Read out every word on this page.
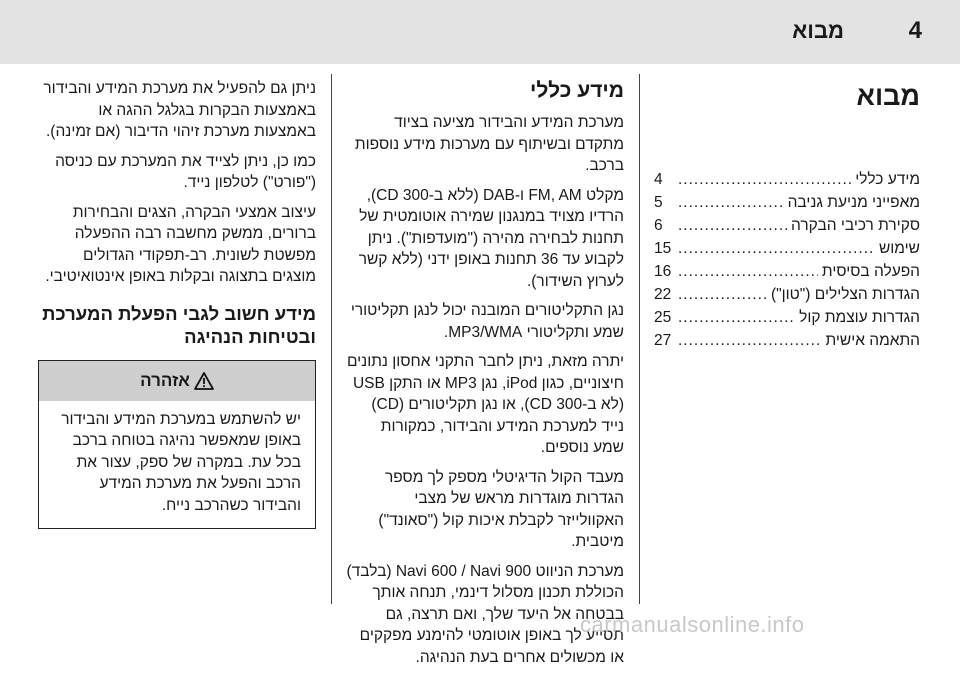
4
מבוא
מבוא
מידע כללי
.....
4
מאפייני מניעת גניבה
.....
5
סקירת רכיבי הבקרה
.....
6
שימוש
.....
15
הפעלה בסיסית
.....
16
הגדרות הצלילים ("טון")
.....
22
הגדרות עוצמת קול
.....
25
התאמה אישית
.....
27
מידע כללי

מערכת המידע והבידור מציעה בציוד מתקדם ובשיתוף עם מערכות מידע נוספות ברכב.

מקלט FM, AM ו-DAB (ללא ב-CD 300), הרדיו מצויד במנגנון שמירה אוטומטית של תחנות לבחירה מהירה ("מועדפות"). ניתן לקבוע עד 36 תחנות באופן ידני (ללא קשר לערוץ השידור).

נגן התקליטורים המובנה יכול לנגן תקליטורי שמע ותקליטורי MP3/WMA.

יתרה מזאת, ניתן לחבר התקני אחסון נתונים חיצוניים, כגון iPod, נגן MP3 או התקן USB (לא ב-CD 300), או נגן תקליטורים (CD) נייד למערכת המידע והבידור, כמקורות שמע נוספים.

מעבד הקול הדיגיטלי מספק לך מספר הגדרות מוגדרות מראש של מצבי האקוולייזר לקבלת איכות קול ("סאונד") מיטבית.

מערכת הניווט Navi 600 / Navi 900 (בלבד) הכוללת תכנון מסלול דינמי, תנחה אותך בבטחה אל היעד שלך, ואם תרצה, גם תסייע לך באופן אוטומטי להימנע מפקקים או מכשולים אחרים בעת הנהיגה.

ניתן גם להפעיל את מערכת המידע והבידור באמצעות הבקרות בגלגל ההגה או באמצעות מערכת זיהוי הדיבור (אם זמינה).

כמו כן, ניתן לצייד את המערכת עם כניסה ("פורט") לטלפון נייד.

עיצוב אמצעי הבקרה, הצגים והבחירות ברורים, ממשק מחשבה רבה ההפעלה מפשטת לשונית. רב-תפקודי הגדולים מוצגים בתצוגה ובקלות באופן אינטואיטיבי.

מידע חשוב לגבי הפעלת המערכת ובטיחות הנהיגה
אזהרה
יש להשתמש במערכת המידע והבידור באופן שמאפשר נהיגה בטוחה ברכב בכל עת. במקרה של ספק, עצור את הרכב והפעל את מערכת המידע והבידור כשהרכב נייח.
carmanualsonline.info
